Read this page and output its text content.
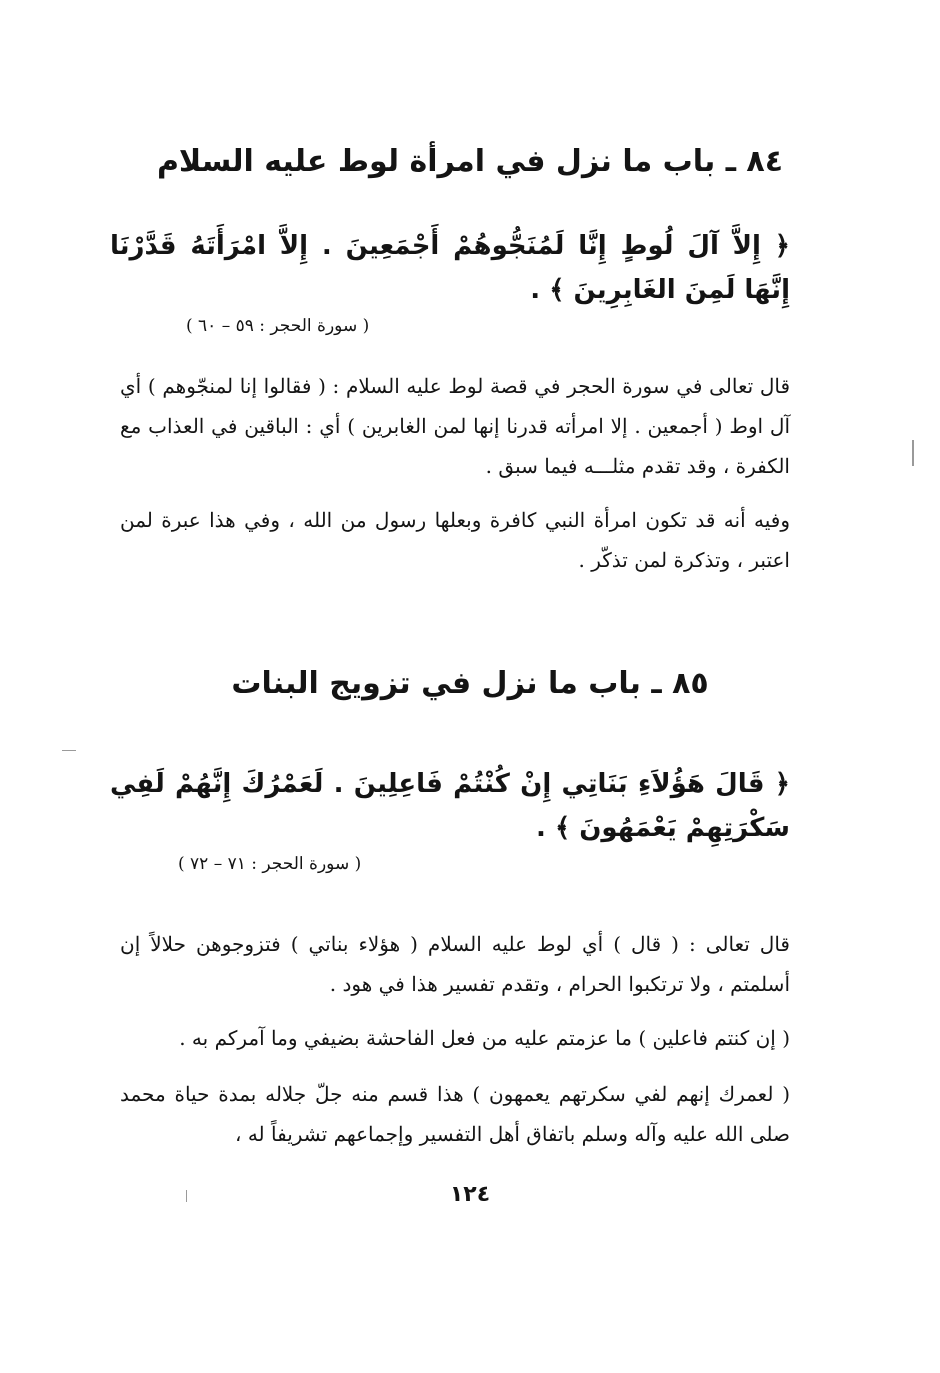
٨٤ ـ باب ما نزل في امرأة لوط عليه السلام
﴿ إِلاَّ آلَ لُوطٍ إِنَّا لَمُنَجُّوهُمْ أَجْمَعِينَ . إِلاَّ امْرَأَتَهُ قَدَّرْنَا إِنَّهَا لَمِنَ الغَابِرِينَ ﴾ .
( سورة الحجر : ٥٩ – ٦٠ )
قال تعالى في سورة الحجر في قصة لوط عليه السلام : ( فقالوا إنا لمنجّوهم ) أي آل اوط ( أجمعين . إلا امرأته قدرنا إنها لمن الغابرين ) أي : الباقين في العذاب مع الكفرة ، وقد تقدم مثلـــه فيما سبق .
وفيه أنه قد تكون امرأة النبي كافرة وبعلها رسول من الله ، وفي هذا عبرة لمن اعتبر ، وتذكرة لمن تذكّر .
٨٥ ـ باب ما نزل في تزويج البنات
﴿ قَالَ هَؤُلاَءِ بَنَاتِي إِنْ كُنْتُمْ فَاعِلِينَ . لَعَمْرُكَ إِنَّهُمْ لَفِي سَكْرَتِهِمْ يَعْمَهُونَ ﴾ .
( سورة الحجر : ٧١ – ٧٢ )
قال تعالى : ( قال ) أي لوط عليه السلام ( هؤلاء بناتي ) فتزوجوهن حلالاً إن أسلمتم ، ولا ترتكبوا الحرام ، وتقدم تفسير هذا في هود .
( إن كنتم فاعلين ) ما عزمتم عليه من فعل الفاحشة بضيفي وما آمركم به .
( لعمرك إنهم لفي سكرتهم يعمهون ) هذا قسم منه جلّ جلاله بمدة حياة محمد صلى الله عليه وآله وسلم باتفاق أهل التفسير وإجماعهم تشريفاً له ،
١٢٤
